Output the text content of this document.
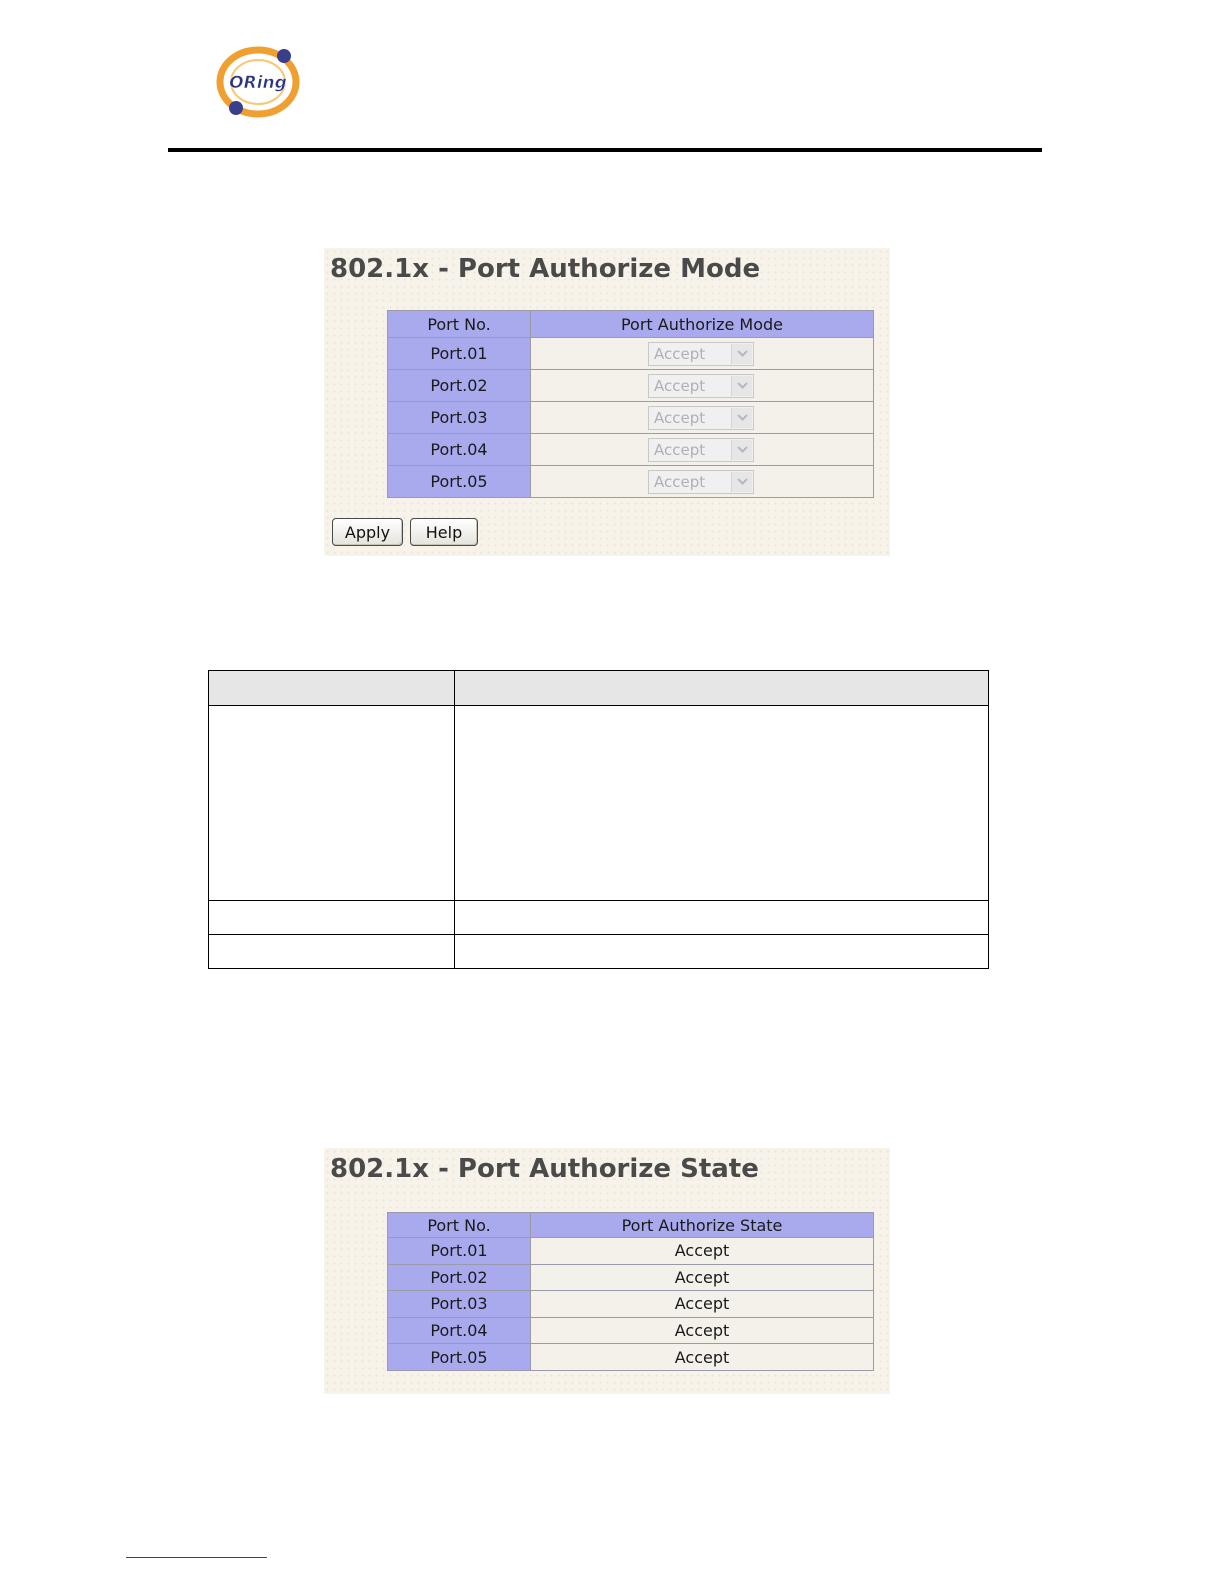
ORing
802.1x - Port Authorize Mode
Port No.	Port Authorize Mode
Port.01	Accept

Port.02	Accept

Port.03	Accept

Port.04	Accept

Port.05	Accept
Apply	Help

802.1x - Port Authorize State
Port No.	Port Authorize State
Port.01	Accept
Port.02	Accept
Port.03	Accept
Port.04	Accept
Port.05	Accept
